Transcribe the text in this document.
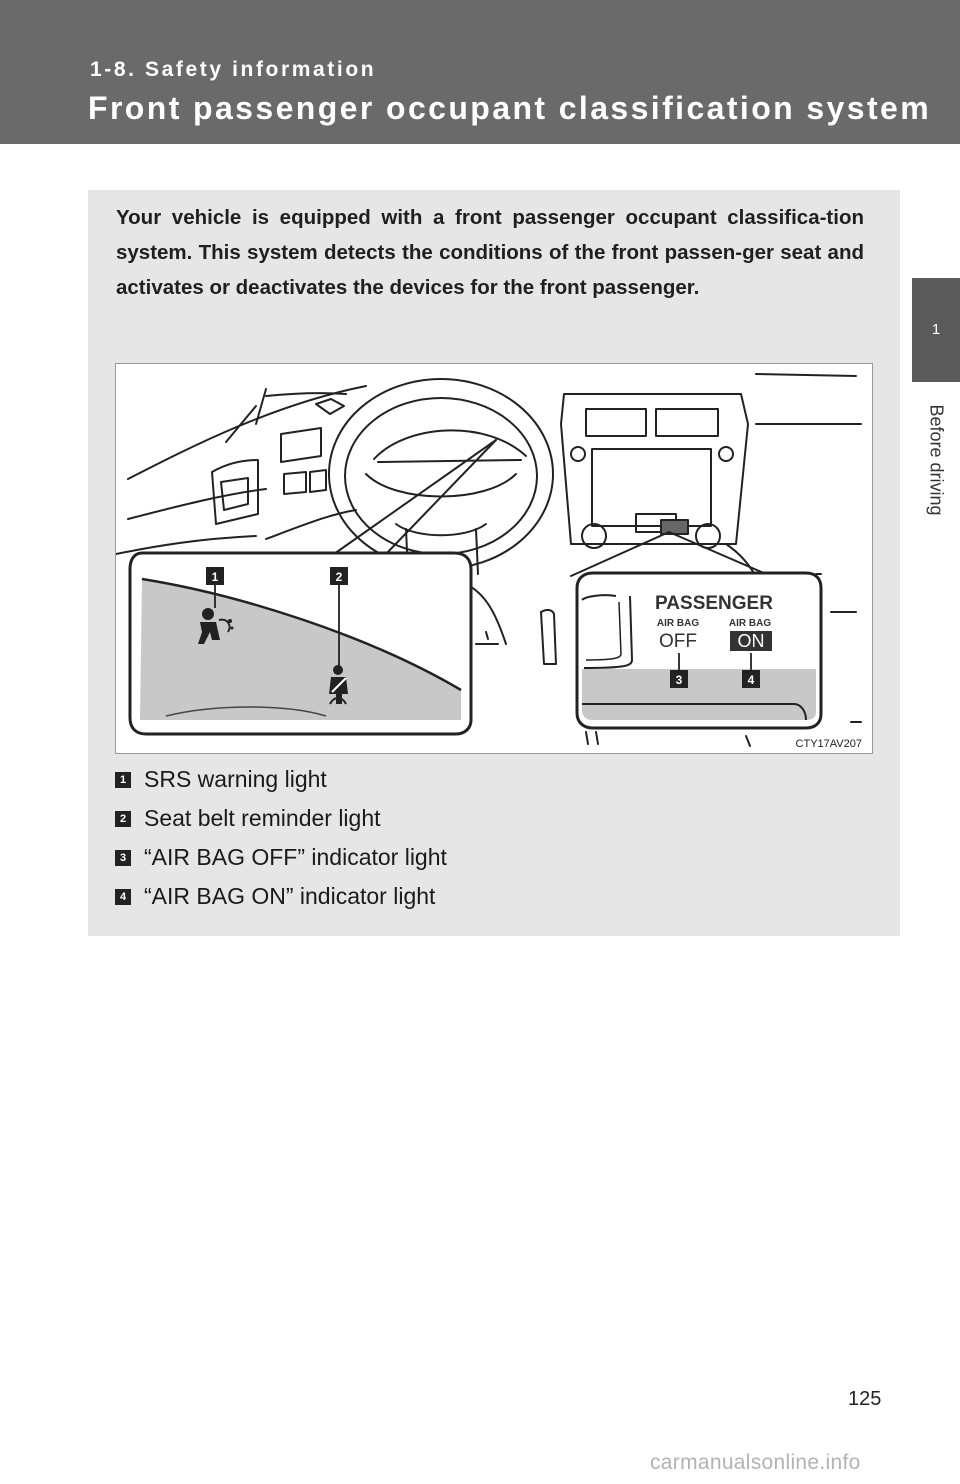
1-8. Safety information
Front passenger occupant classification system
1
Before driving
Your vehicle is equipped with a front passenger occupant classifica-tion system. This system detects the conditions of the front passen-ger seat and activates or deactivates the devices for the front passenger.
1	2
PASSENGER
AIR BAG
OFF
AIR BAG
ON
3	4
CTY17AV207
1 SRS warning light
2 Seat belt reminder light
3 “AIR BAG OFF” indicator light
4 “AIR BAG ON” indicator light
125
carmanualsonline.info
